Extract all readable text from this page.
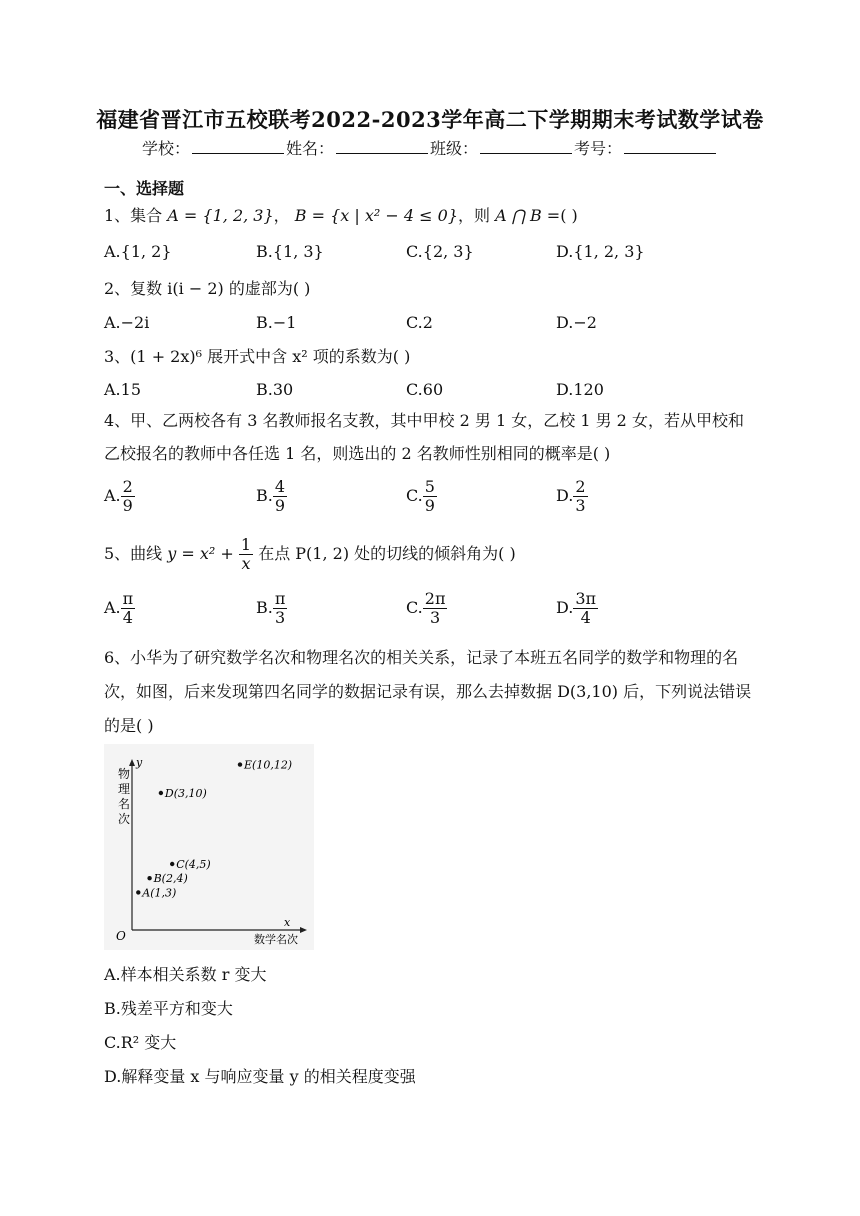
福建省晋江市五校联考2022-2023学年高二下学期期末考试数学试卷
学校：	姓名：	班级：	考号：
一、选择题
1、集合 A = {1, 2, 3}， B = {x | x² − 4 ≤ 0}，则 A ⋂ B =( )
A.{1, 2}	B.{1, 3}	C.{2, 3}	D.{1, 2, 3}
2、复数 i(i − 2) 的虚部为( )
A.−2i	B.−1	C.2	D.−2
3、(1 + 2x)⁶ 展开式中含 x² 项的系数为( )
A.15	B.30	C.60	D.120
4、甲、乙两校各有 3 名教师报名支教，其中甲校 2 男 1 女，乙校 1 男 2 女，若从甲校和乙校报名的教师中各任选 1 名，则选出的 2 名教师性别相同的概率是( )
A. $\frac{2}{9}$	B. $\frac{4}{9}$	C. $\frac{5}{9}$	D. $\frac{2}{3}$
5、曲线 $y = x^2 + \frac{1}{x}$ 在点 P(1, 2) 处的切线的倾斜角为( )
A. $\frac{\pi}{4}$	B. $\frac{\pi}{3}$	C. $\frac{2\pi}{3}$	D. $\frac{3\pi}{4}$
6、小华为了研究数学名次和物理名次的相关关系，记录了本班五名同学的数学和物理的名次，如图，后来发现第四名同学的数据记录有误，那么去掉数据 D(3,10) 后，下列说法错误的是( )
O
x
y
数学名次
物理名次
A(1,3)
B(2,4)
C(4,5)
D(3,10)
E(10,12)
A.样本相关系数 r 变大
B.残差平方和变大
C.R² 变大
D.解释变量 x 与响应变量 y 的相关程度变强
